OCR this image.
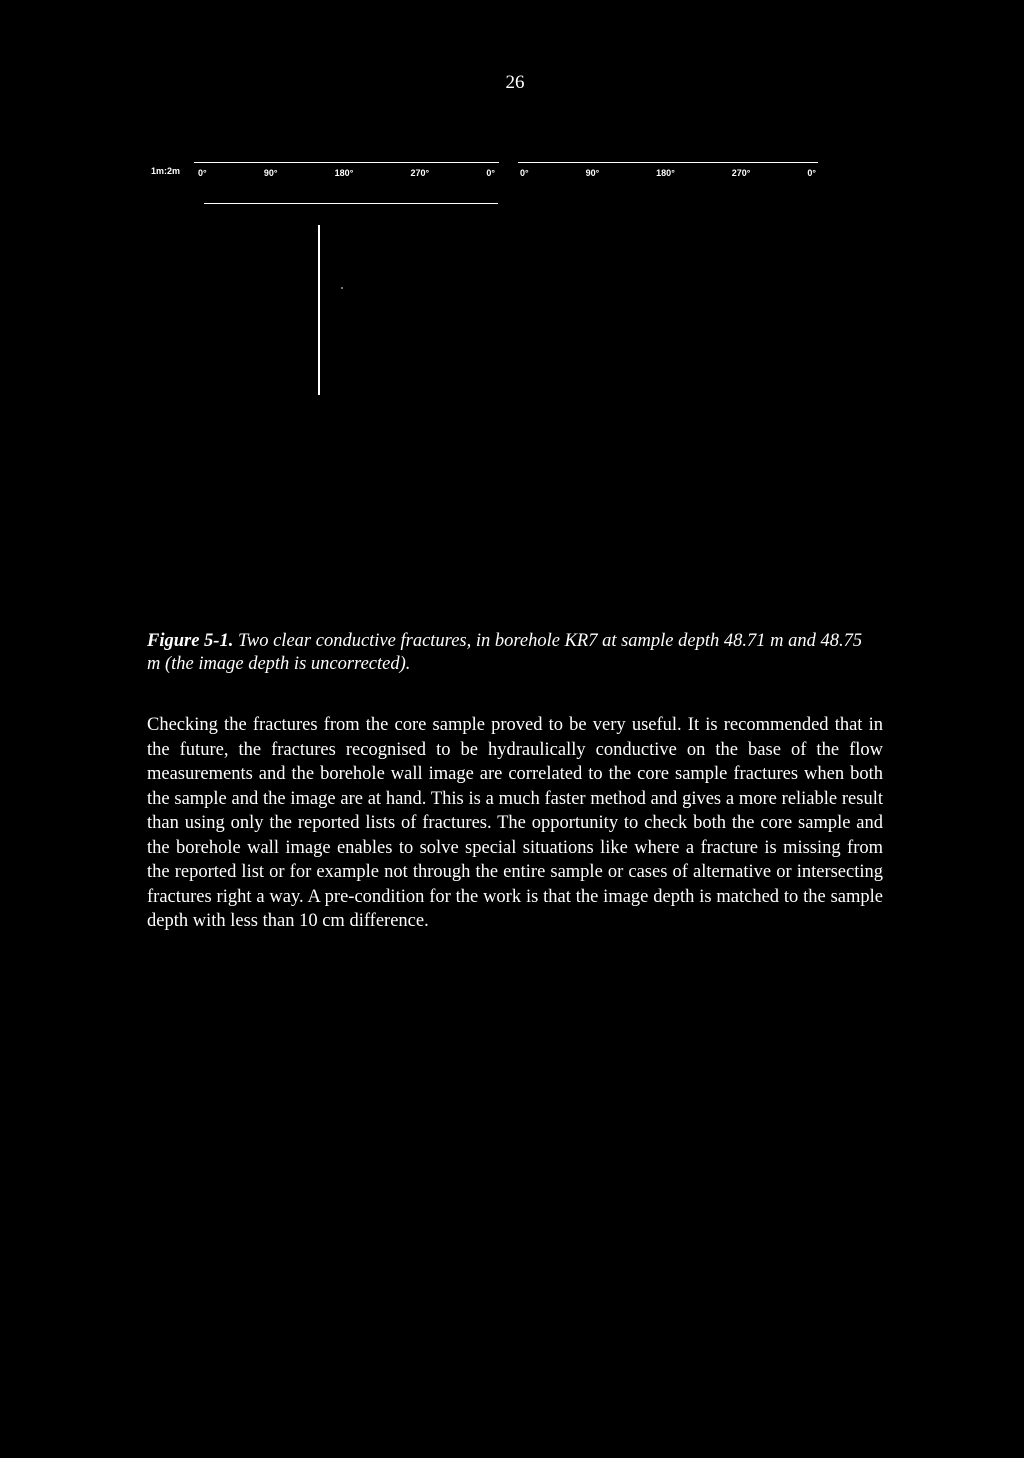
26
1m:2m 0°	90°	180°	270°	0°	0°	90°	180°	270°	0°
Figure 5-1. Two clear conductive fractures, in borehole KR7 at sample depth 48.71 m and 48.75 m (the image depth is uncorrected).

Checking the fractures from the core sample proved to be very useful. It is recommended that in the future, the fractures recognised to be hydraulically conductive on the base of the flow measurements and the borehole wall image are correlated to the core sample fractures when both the sample and the image are at hand. This is a much faster method and gives a more reliable result than using only the reported lists of fractures. The opportunity to check both the core sample and the borehole wall image enables to solve special situations like where a fracture is missing from the reported list or for example not through the entire sample or cases of alternative or intersecting fractures right a way. A pre-condition for the work is that the image depth is matched to the sample depth with less than 10 cm difference.
